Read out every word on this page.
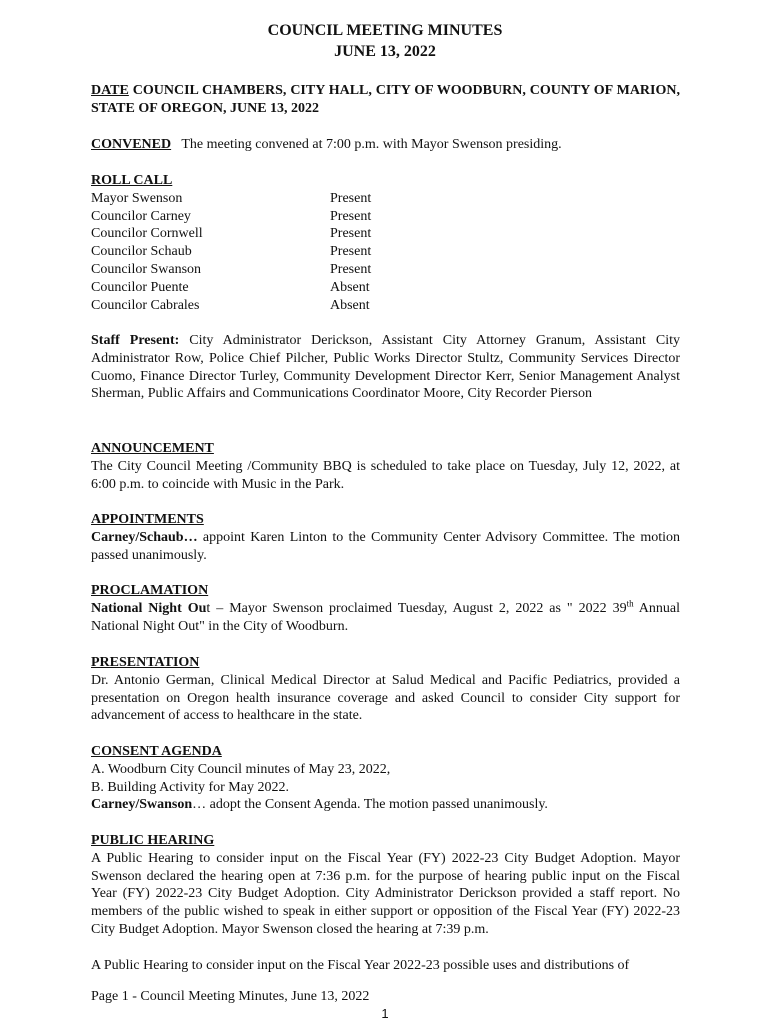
COUNCIL MEETING MINUTES
JUNE 13, 2022

DATE COUNCIL CHAMBERS, CITY HALL, CITY OF WOODBURN, COUNTY OF MARION, STATE OF OREGON, JUNE 13, 2022

CONVENED   The meeting convened at 7:00 p.m. with Mayor Swenson presiding.

ROLL CALL

Mayor Swenson	Present
Councilor Carney	Present
Councilor Cornwell	Present
Councilor Schaub	Present
Councilor Swanson	Present
Councilor Puente	Absent
Councilor Cabrales	Absent

Staff Present: City Administrator Derickson, Assistant City Attorney Granum, Assistant City Administrator Row, Police Chief Pilcher, Public Works Director Stultz, Community Services Director Cuomo, Finance Director Turley, Community Development Director Kerr, Senior Management Analyst Sherman, Public Affairs and Communications Coordinator Moore, City Recorder Pierson

ANNOUNCEMENT

The City Council Meeting /Community BBQ is scheduled to take place on Tuesday, July 12, 2022, at 6:00 p.m. to coincide with Music in the Park.

APPOINTMENTS

Carney/Schaub… appoint Karen Linton to the Community Center Advisory Committee. The motion passed unanimously.

PROCLAMATION

National Night Out – Mayor Swenson proclaimed Tuesday, August 2, 2022 as " 2022 39th Annual National Night Out" in the City of Woodburn.

PRESENTATION

Dr. Antonio German, Clinical Medical Director at Salud Medical and Pacific Pediatrics, provided a presentation on Oregon health insurance coverage and asked Council to consider City support for advancement of access to healthcare in the state.

CONSENT AGENDA

A. Woodburn City Council minutes of May 23, 2022,

B. Building Activity for May 2022.

Carney/Swanson… adopt the Consent Agenda. The motion passed unanimously.

PUBLIC HEARING

A Public Hearing to consider input on the Fiscal Year (FY) 2022-23 City Budget Adoption. Mayor Swenson declared the hearing open at 7:36 p.m. for the purpose of hearing public input on the Fiscal Year (FY) 2022-23 City Budget Adoption. City Administrator Derickson provided a staff report. No members of the public wished to speak in either support or opposition of the Fiscal Year (FY) 2022-23 City Budget Adoption. Mayor Swenson closed the hearing at 7:39 p.m.

A Public Hearing to consider input on the Fiscal Year 2022-23 possible uses and distributions of

Page 1 - Council Meeting Minutes, June 13, 2022
1
